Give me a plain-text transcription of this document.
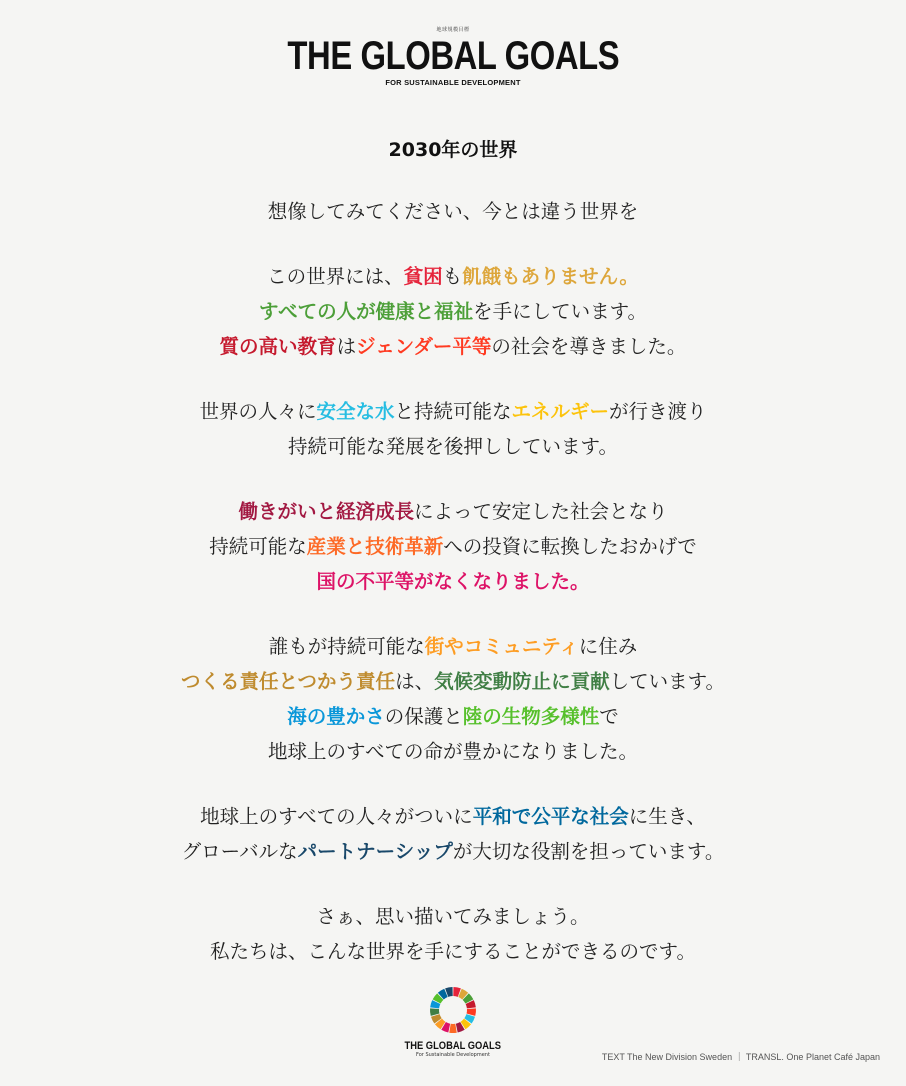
地球規模目標
THE GLOBAL GOALS
FOR SUSTAINABLE DEVELOPMENT
2030年の世界
想像してみてください、今とは違う世界を
この世界には、貧困も飢餓もありません。
すべての人が健康と福祉を手にしています。
質の高い教育はジェンダー平等の社会を導きました。
世界の人々に安全な水と持続可能なエネルギーが行き渡り
持続可能な発展を後押ししています。
働きがいと経済成長によって安定した社会となり
持続可能な産業と技術革新への投資に転換したおかげで
国の不平等がなくなりました。
誰もが持続可能な街やコミュニティに住み
つくる責任とつかう責任は、気候変動防止に貢献しています。
海の豊かさの保護と陸の生物多様性で
地球上のすべての命が豊かになりました。
地球上のすべての人々がついに平和で公平な社会に生き、
グローバルなパートナーシップが大切な役割を担っています。
さぁ、思い描いてみましょう。
私たちは、こんな世界を手にすることができるのです。
THE GLOBAL GOALS
For Sustainable Development	TEXT The New Division Sweden ｜ TRANSL. One Planet Café Japan
